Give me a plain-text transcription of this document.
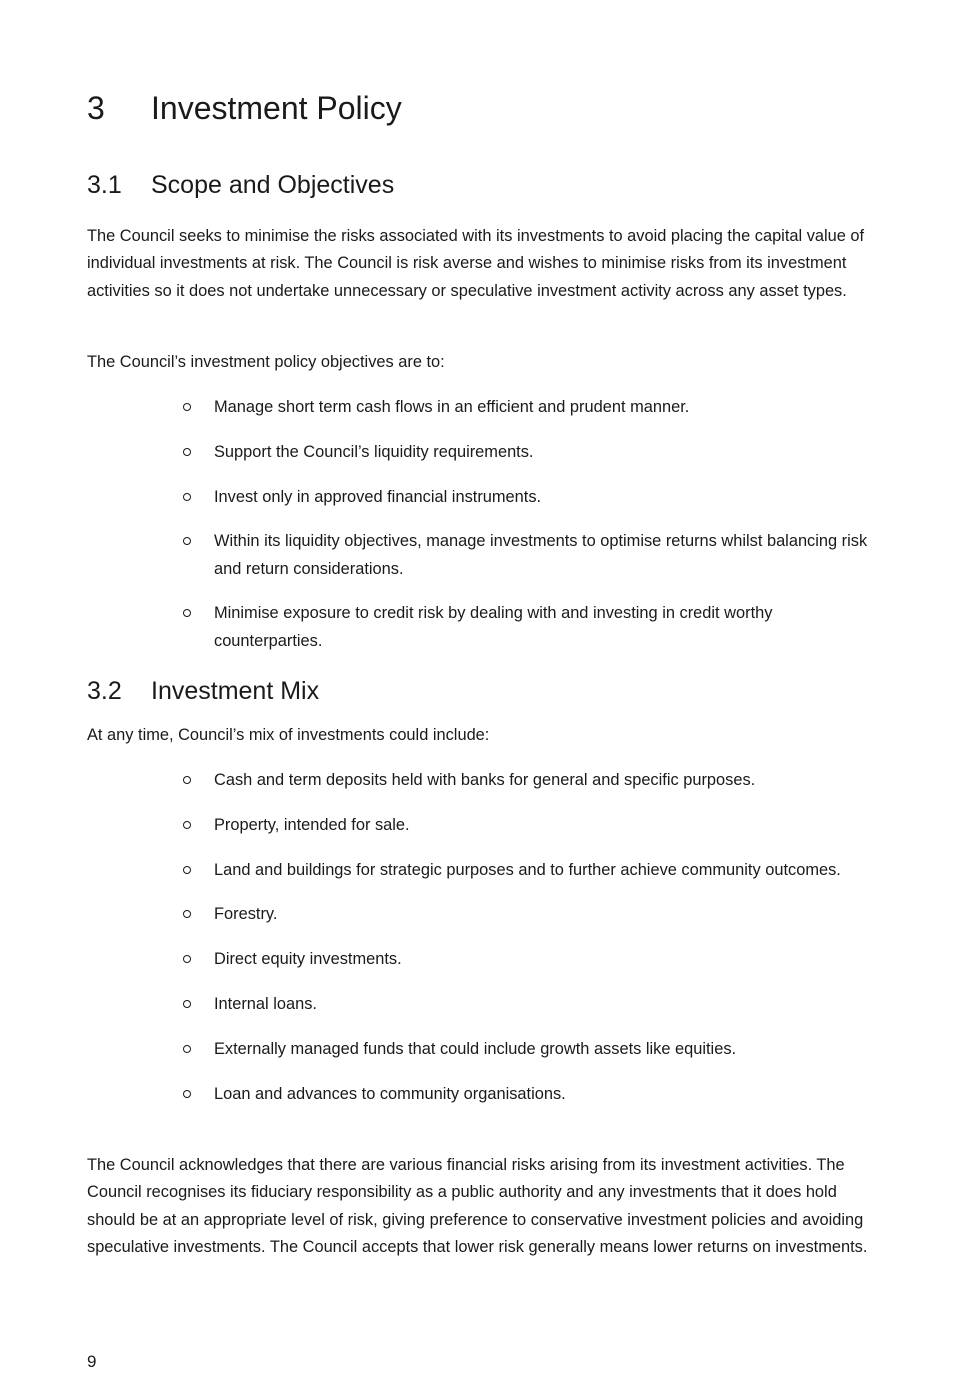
3 Investment Policy
3.1 Scope and Objectives

The Council seeks to minimise the risks associated with its investments to avoid placing the capital value of individual investments at risk. The Council is risk averse and wishes to minimise risks from its investment activities so it does not undertake unnecessary or speculative investment activity across any asset types.

The Council’s investment policy objectives are to:

Manage short term cash flows in an efficient and prudent manner.
Support the Council’s liquidity requirements.
Invest only in approved financial instruments.
Within its liquidity objectives, manage investments to optimise returns whilst balancing risk and return considerations.
Minimise exposure to credit risk by dealing with and investing in credit worthy counterparties.
3.2 Investment Mix

At any time, Council’s mix of investments could include:

Cash and term deposits held with banks for general and specific purposes.
Property, intended for sale.
Land and buildings for strategic purposes and to further achieve community outcomes.
Forestry.
Direct equity investments.
Internal loans.
Externally managed funds that could include growth assets like equities.
Loan and advances to community organisations.

The Council acknowledges that there are various financial risks arising from its investment activities. The Council recognises its fiduciary responsibility as a public authority and any investments that it does hold should be at an appropriate level of risk, giving preference to conservative investment policies and avoiding speculative investments. The Council accepts that lower risk generally means lower returns on investments.

9
